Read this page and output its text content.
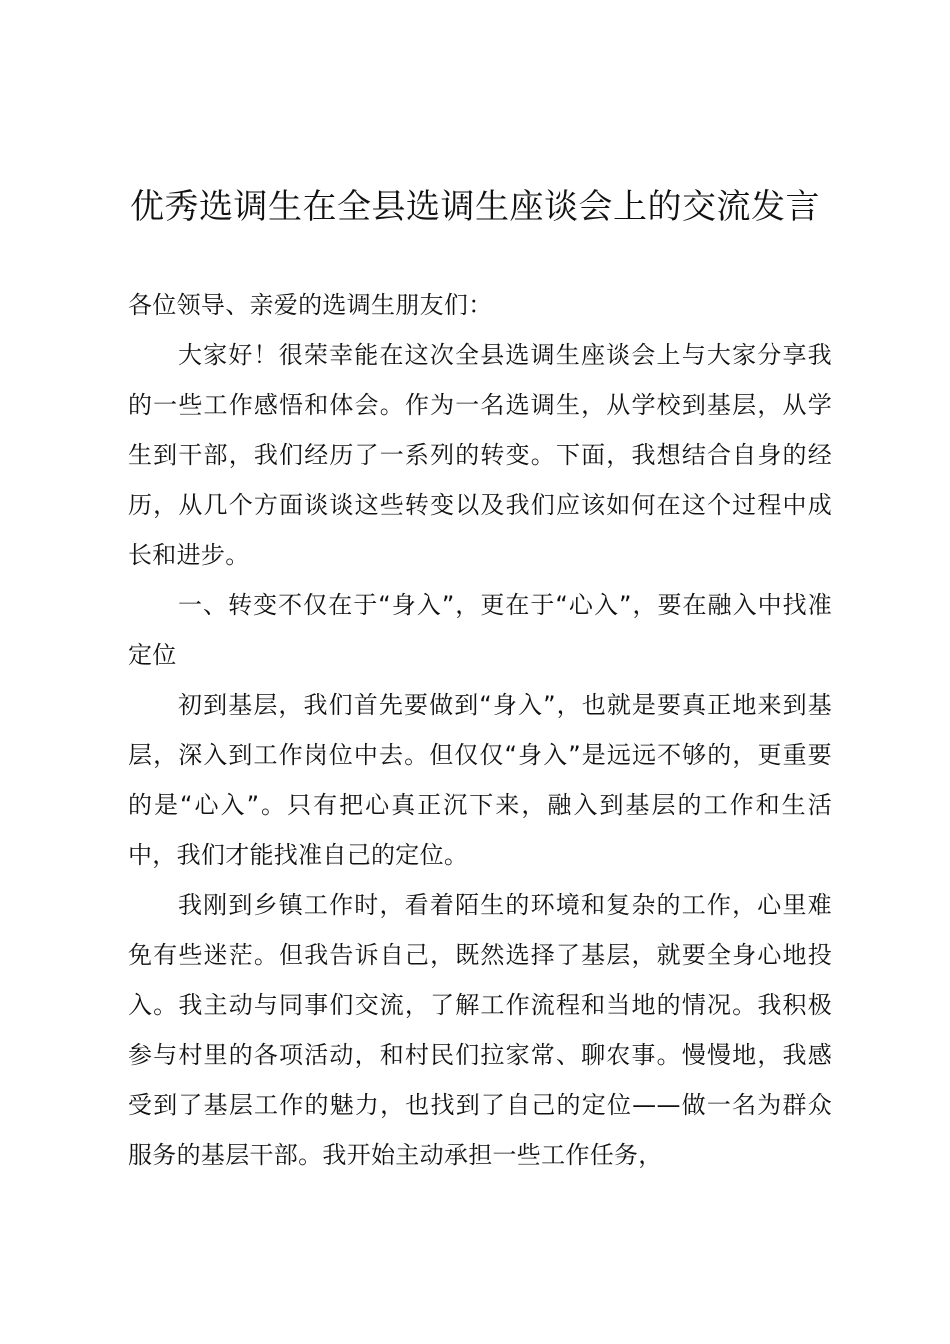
优秀选调生在全县选调生座谈会上的交流发言

各位领导、亲爱的选调生朋友们：

大家好！很荣幸能在这次全县选调生座谈会上与大家分享我的一些工作感悟和体会。作为一名选调生，从学校到基层，从学生到干部，我们经历了一系列的转变。下面，我想结合自身的经历，从几个方面谈谈这些转变以及我们应该如何在这个过程中成长和进步。

一、转变不仅在于“身入”，更在于“心入”，要在融入中找准定位

初到基层，我们首先要做到“身入”，也就是要真正地来到基层，深入到工作岗位中去。但仅仅“身入”是远远不够的，更重要的是“心入”。只有把心真正沉下来，融入到基层的工作和生活中，我们才能找准自己的定位。

我刚到乡镇工作时，看着陌生的环境和复杂的工作，心里难免有些迷茫。但我告诉自己，既然选择了基层，就要全身心地投入。我主动与同事们交流，了解工作流程和当地的情况。我积极参与村里的各项活动，和村民们拉家常、聊农事。慢慢地，我感受到了基层工作的魅力，也找到了自己的定位——做一名为群众服务的基层干部。我开始主动承担一些工作任务，
